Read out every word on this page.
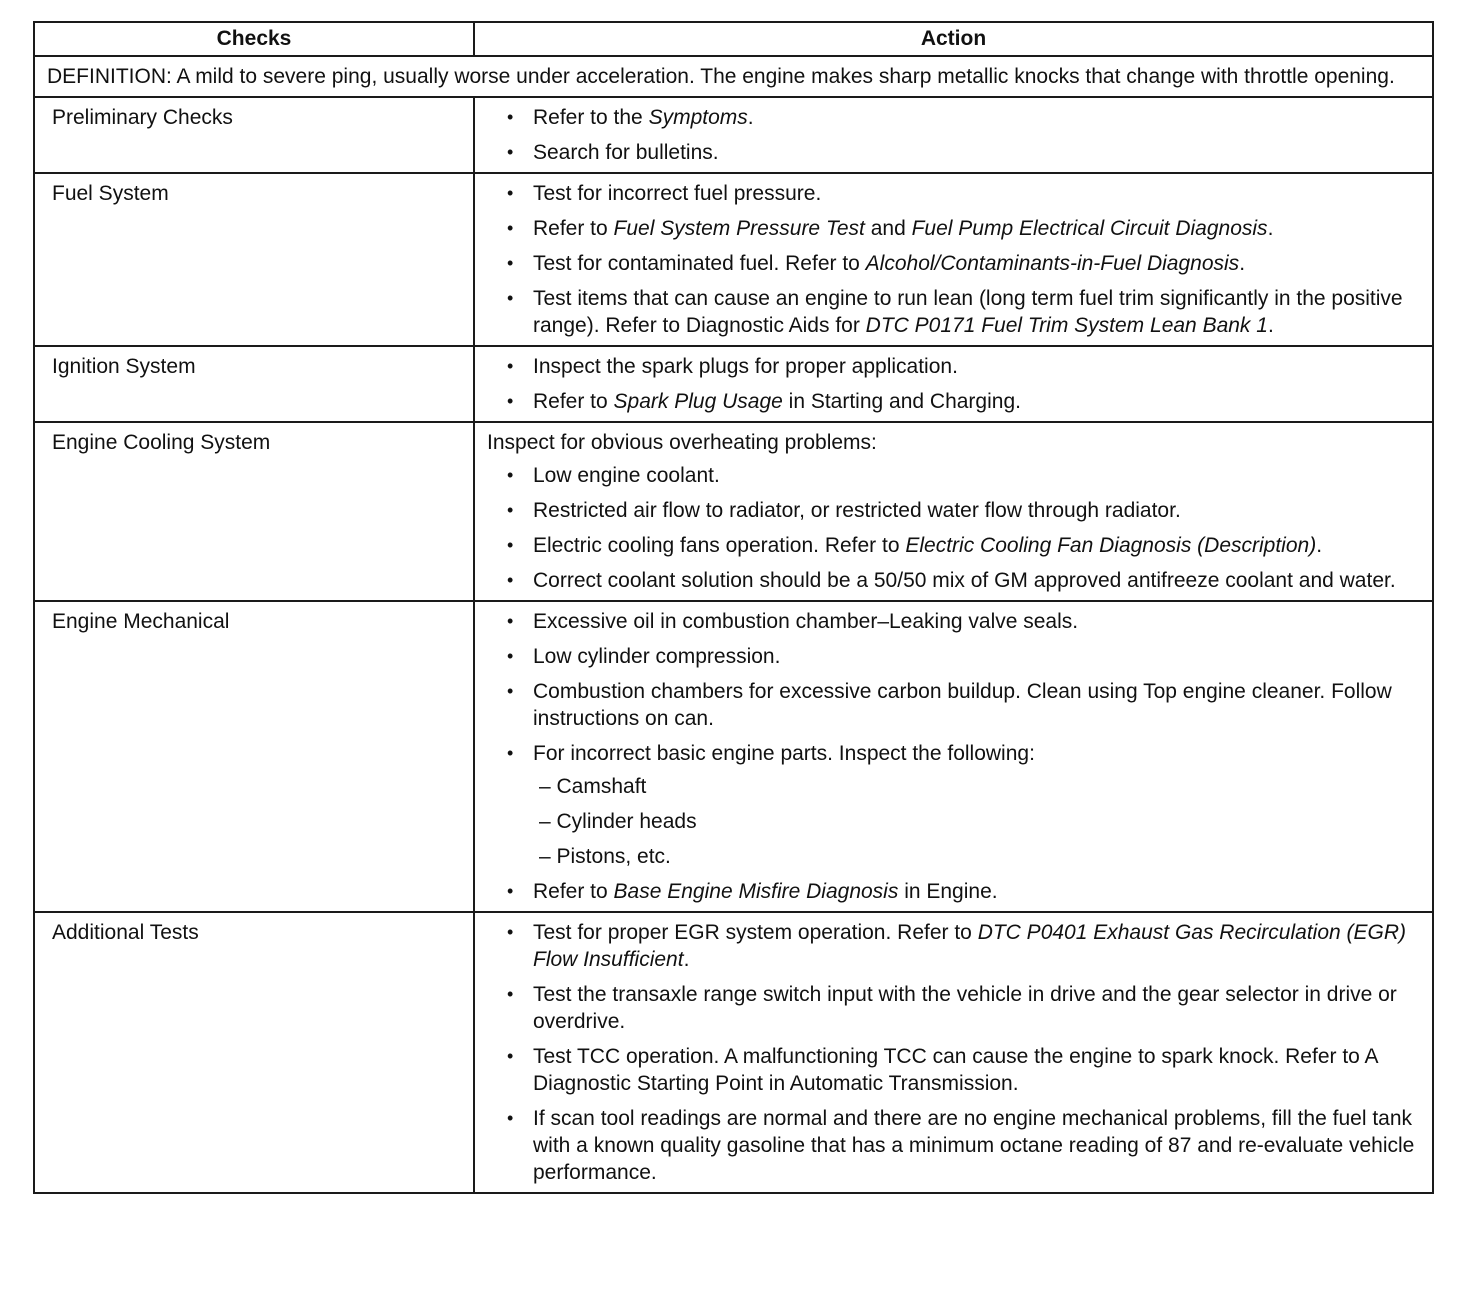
Checks	Action
DEFINITION: A mild to severe ping, usually worse under acceleration. The engine makes sharp metallic knocks that change with throttle opening.	
Preliminary Checks	
•Refer to the Symptoms.
• Search for bulletins.

Fuel System	
•Test for incorrect fuel pressure.
• Refer to Fuel System Pressure Test and Fuel Pump Electrical Circuit Diagnosis.
• Test for contaminated fuel. Refer to Alcohol/Contaminants-in-Fuel Diagnosis.
• Test items that can cause an engine to run lean (long term fuel trim significantly in the positive range). Refer to Diagnostic Aids for DTC P0171 Fuel Trim System Lean Bank 1.

Ignition System	
•Inspect the spark plugs for proper application.
• Refer to Spark Plug Usage in Starting and Charging.

Engine Cooling System	Inspect for obvious overheating problems:
• Low engine coolant.
• Restricted air flow to radiator, or restricted water flow through radiator.
• Electric cooling fans operation. Refer to Electric Cooling Fan Diagnosis (Description).
• Correct coolant solution should be a 50/50 mix of GM approved antifreeze coolant and water.

Engine Mechanical	
•Excessive oil in combustion chamber–Leaking valve seals.
• Low cylinder compression.
• Combustion chambers for excessive carbon buildup. Clean using Top engine cleaner. Follow instructions on can.
• For incorrect basic engine parts. Inspect the following:
– Camshaft
– Cylinder heads
– Pistons, etc.
• Refer to Base Engine Misfire Diagnosis in Engine.

Additional Tests	
•Test for proper EGR system operation. Refer to DTC P0401 Exhaust Gas Recirculation (EGR) Flow Insufficient.
• Test the transaxle range switch input with the vehicle in drive and the gear selector in drive or overdrive.
• Test TCC operation. A malfunctioning TCC can cause the engine to spark knock. Refer to A Diagnostic Starting Point in Automatic Transmission.
• If scan tool readings are normal and there are no engine mechanical problems, fill the fuel tank with a known quality gasoline that has a minimum octane reading of 87 and re-evaluate vehicle performance.
